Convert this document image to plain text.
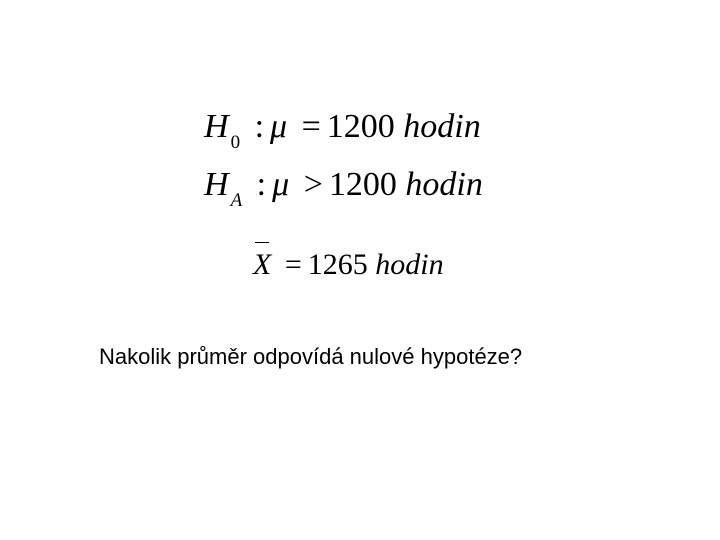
H $_0$ : μ = 1200 hodin
H $_A$ : μ > 1200 hodin
X = 1265 hodin
Nakolik průměr odpovídá nulové hypotéze?
